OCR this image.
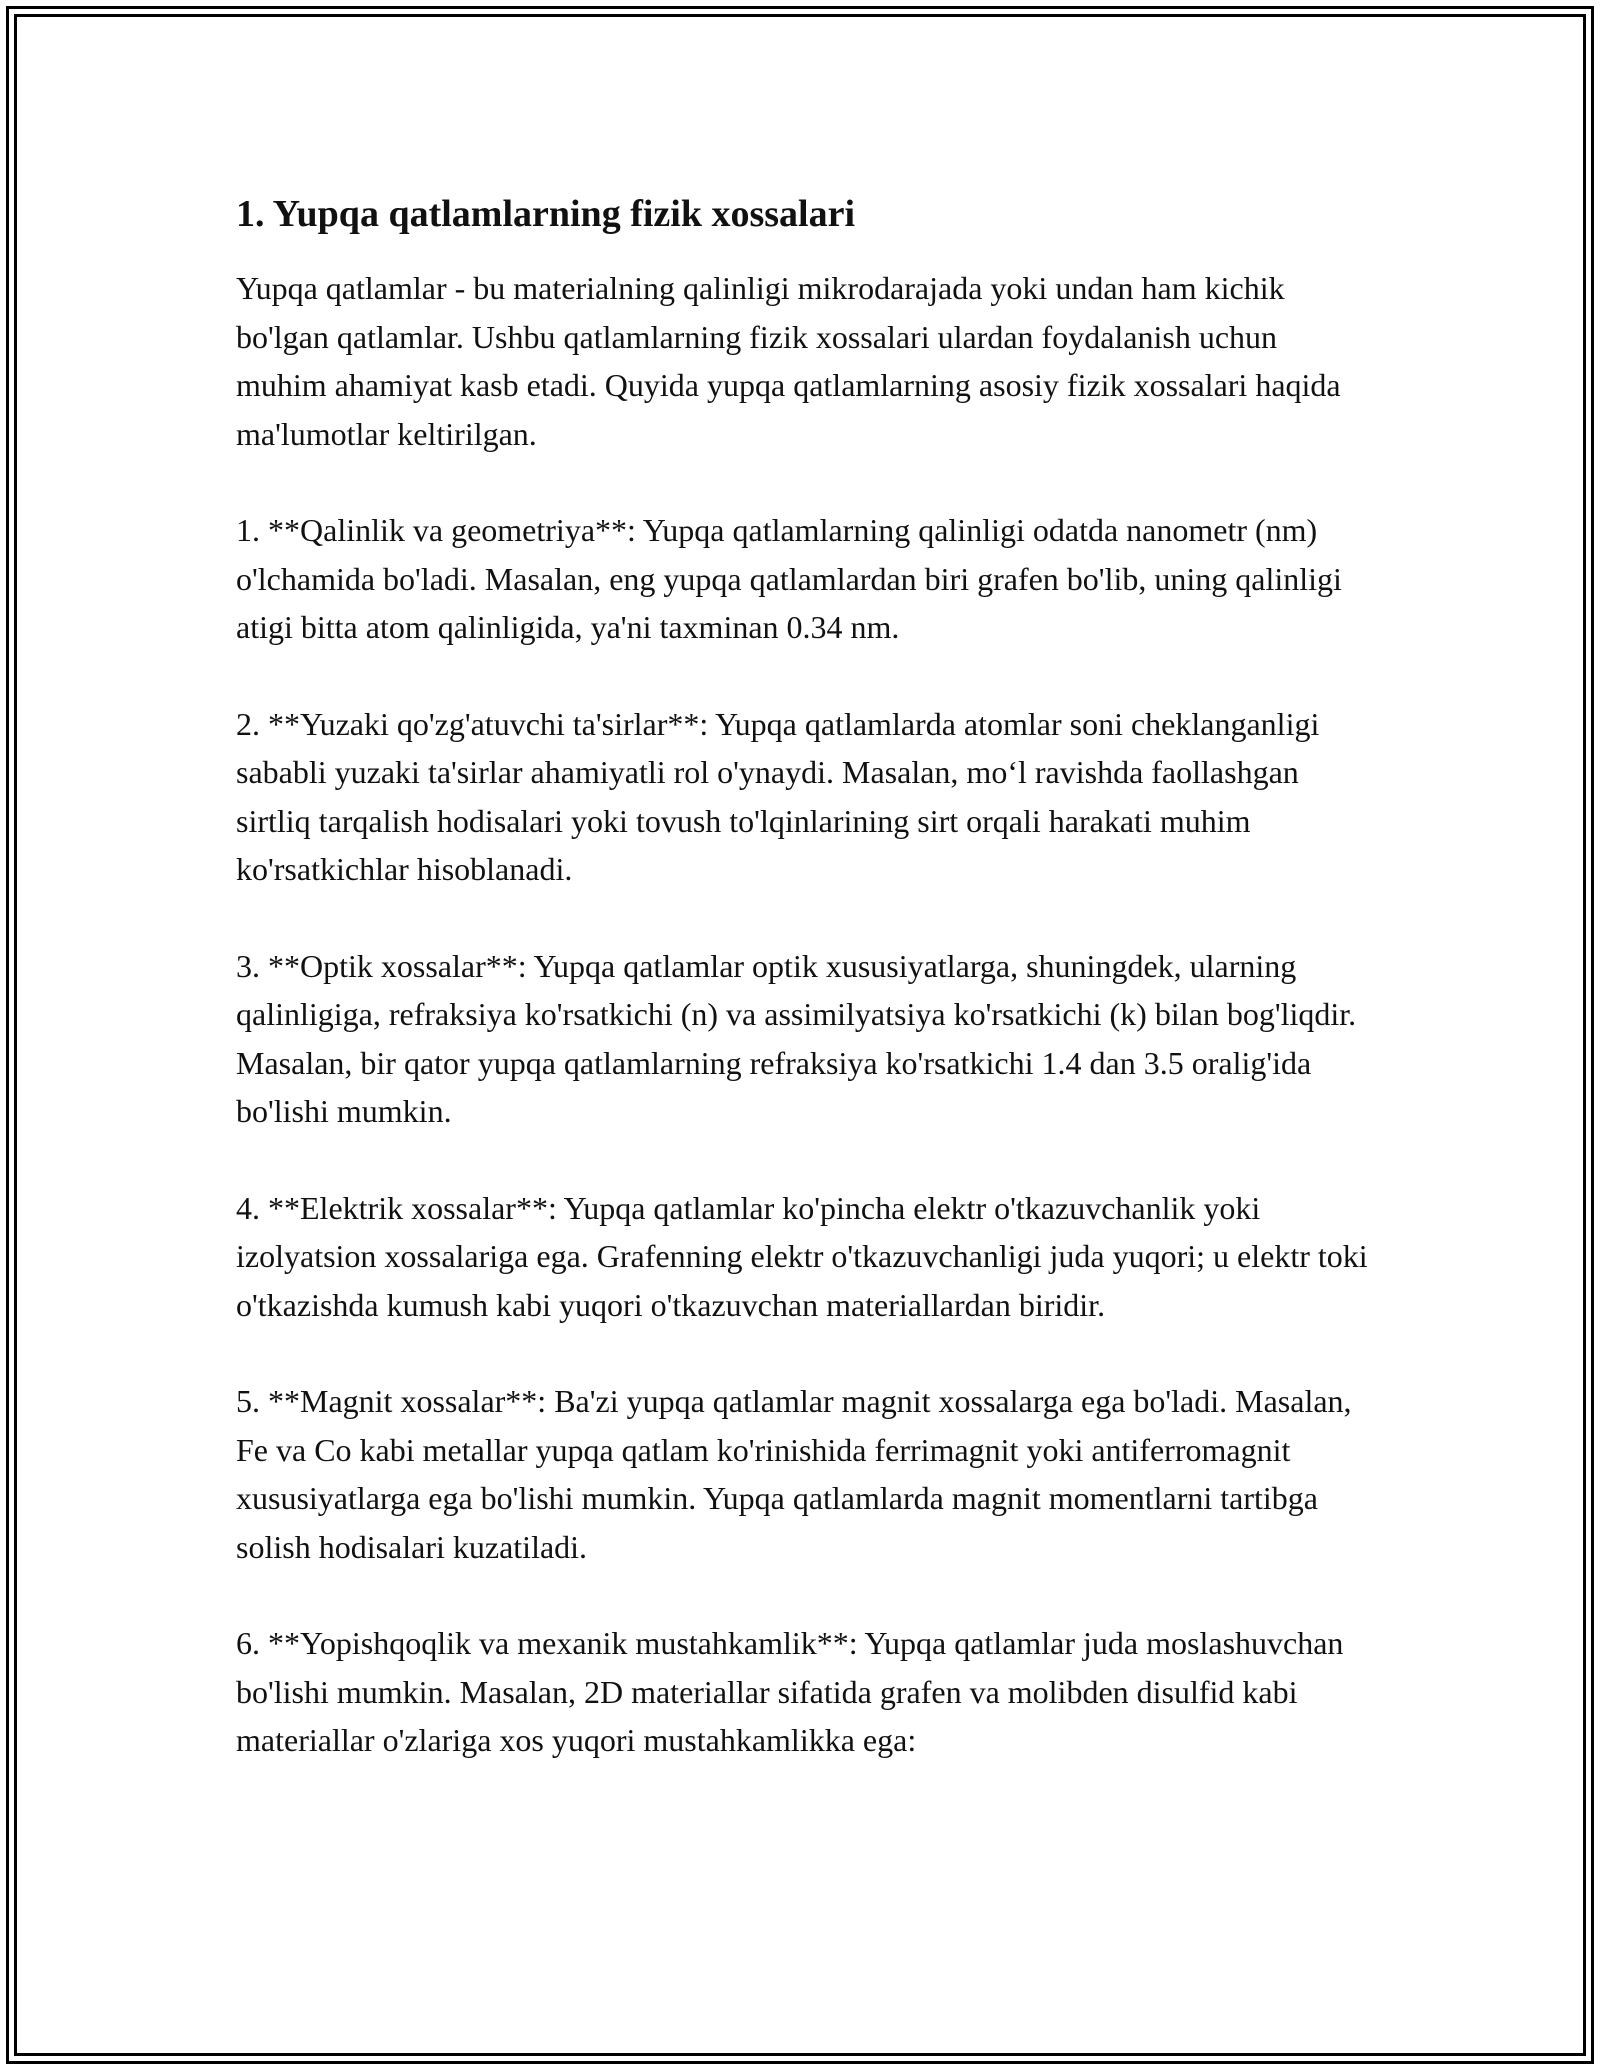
1. Yupqa qatlamlarning fizik xossalari

Yupqa qatlamlar - bu materialning qalinligi mikrodarajada yoki undan ham kichik bo'lgan qatlamlar. Ushbu qatlamlarning fizik xossalari ulardan foydalanish uchun muhim ahamiyat kasb etadi. Quyida yupqa qatlamlarning asosiy fizik xossalari haqida ma'lumotlar keltirilgan.

1. **Qalinlik va geometriya**: Yupqa qatlamlarning qalinligi odatda nanometr (nm) o'lchamida bo'ladi. Masalan, eng yupqa qatlamlardan biri grafen bo'lib, uning qalinligi atigi bitta atom qalinligida, ya'ni taxminan 0.34 nm.

2. **Yuzaki qo'zg'atuvchi ta'sirlar**: Yupqa qatlamlarda atomlar soni cheklanganligi sababli yuzaki ta'sirlar ahamiyatli rol o'ynaydi. Masalan, mo‘l ravishda faollashgan sirtliq tarqalish hodisalari yoki tovush to'lqinlarining sirt orqali harakati muhim ko'rsatkichlar hisoblanadi.

3. **Optik xossalar**: Yupqa qatlamlar optik xususiyatlarga, shuningdek, ularning qalinligiga, refraksiya ko'rsatkichi (n) va assimilyatsiya ko'rsatkichi (k) bilan bog'liqdir. Masalan, bir qator yupqa qatlamlarning refraksiya ko'rsatkichi 1.4 dan 3.5 oralig'ida bo'lishi mumkin.

4. **Elektrik xossalar**: Yupqa qatlamlar ko'pincha elektr o'tkazuvchanlik yoki izolyatsion xossalariga ega. Grafenning elektr o'tkazuvchanligi juda yuqori; u elektr toki o'tkazishda kumush kabi yuqori o'tkazuvchan materiallardan biridir.

5. **Magnit xossalar**: Ba'zi yupqa qatlamlar magnit xossalarga ega bo'ladi. Masalan, Fe va Co kabi metallar yupqa qatlam ko'rinishida ferrimagnit yoki antiferromagnit xususiyatlarga ega bo'lishi mumkin. Yupqa qatlamlarda magnit momentlarni tartibga solish hodisalari kuzatiladi.

6. **Yopishqoqlik va mexanik mustahkamlik**: Yupqa qatlamlar juda moslashuvchan bo'lishi mumkin. Masalan, 2D materiallar sifatida grafen va molibden disulfid kabi materiallar o'zlariga xos yuqori mustahkamlikka ega:
